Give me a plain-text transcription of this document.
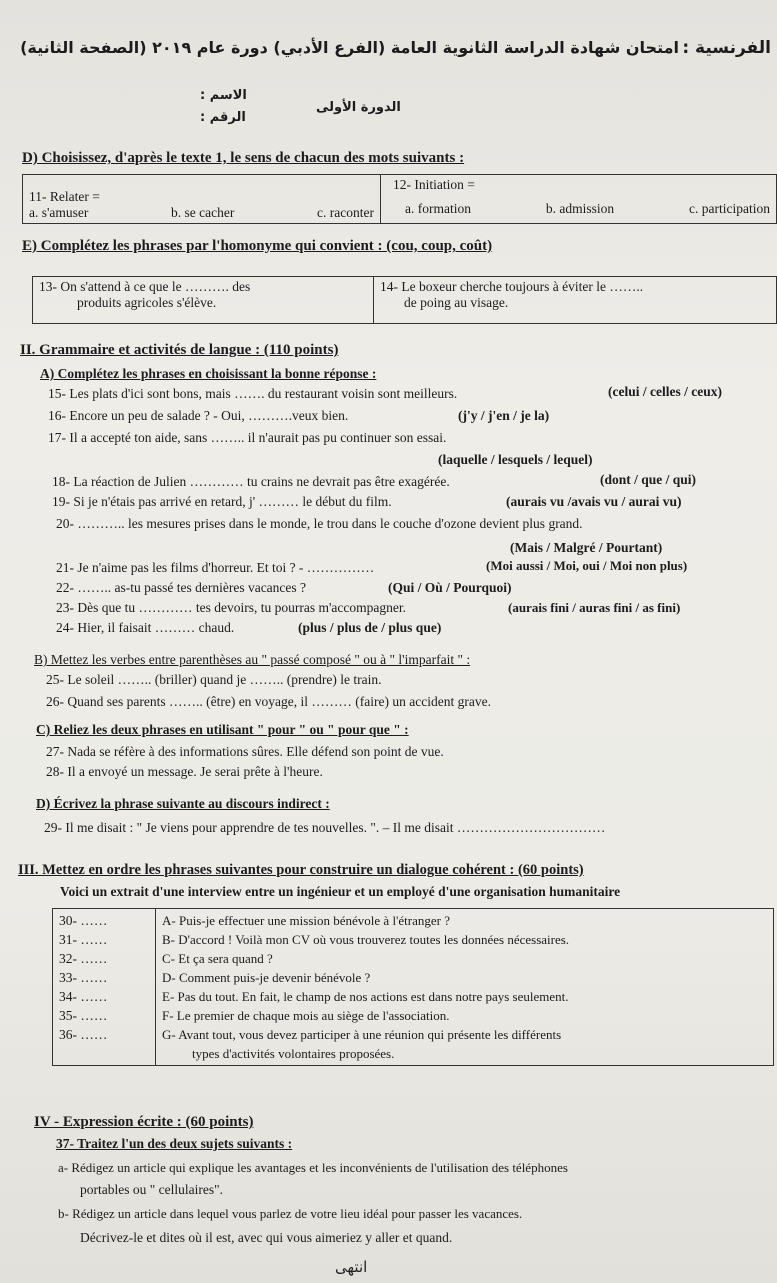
الفرنسية :
امتحان شهادة الدراسة الثانوية العامة (الفرع الأدبي) دورة عام ٢٠١٩ (الصفحة الثانية)
الاسم :
الرقم :
الدورة الأولى
D) Choisissez, d'après le texte 1, le sens de chacun des mots suivants :
11- Relater =
a. s'amuser	b. se cacher	c. raconter

12- Initiation =
a. formation	b. admission	c. participation
E) Complétez les phrases par l'homonyme qui convient : (cou, coup, coût)
13- On s'attend à ce que le ………. des
produits agricoles s'élève.

14- Le boxeur cherche toujours à éviter le ……..
de poing au visage.
II. Grammaire et activités de langue : (110 points)
A) Complétez les phrases en choisissant la bonne réponse :
15- Les plats d'ici sont bons, mais ……. du restaurant voisin sont meilleurs.	(celui / celles / ceux)
16- Encore un peu de salade ? - Oui, ……….veux bien.	(j'y / j'en / je la)
17- Il a accepté ton aide, sans …….. il n'aurait pas pu continuer son essai.
(laquelle / lesquels / lequel)
18- La réaction de Julien ………… tu crains ne devrait pas être exagérée.	(dont / que / qui)
19- Si je n'étais pas arrivé en retard, j' ……… le début du film.	(aurais vu /avais vu / aurai vu)
20- ……….. les mesures prises dans le monde, le trou dans le couche d'ozone devient plus grand.
(Mais / Malgré / Pourtant)
21- Je n'aime pas les films d'horreur. Et toi ? - ……………	(Moi aussi / Moi, oui / Moi non plus)
22- …….. as-tu passé tes dernières vacances ?	(Qui / Où / Pourquoi)
23- Dès que tu ………… tes devoirs, tu pourras m'accompagner.	(aurais fini / auras fini / as fini)
24- Hier, il faisait ……… chaud.	(plus / plus de / plus que)
B) Mettez les verbes entre parenthèses au " passé composé " ou à " l'imparfait " :
25- Le soleil …….. (briller) quand je …….. (prendre) le train.
26- Quand ses parents …….. (être) en voyage, il ……… (faire) un accident grave.
C) Reliez les deux phrases en utilisant " pour " ou " pour que " :
27- Nada se réfère à des informations sûres. Elle défend son point de vue.
28- Il a envoyé un message. Je serai prête à l'heure.
D) Écrivez la phrase suivante au discours indirect :
29- Il me disait : " Je viens pour apprendre de tes nouvelles. ". – Il me disait ……………………………
III. Mettez en ordre les phrases suivantes pour construire un dialogue cohérent : (60 points)
Voici un extrait d'une interview entre un ingénieur et un employé d'une organisation humanitaire
30- ……
31- ……
32- ……
33- ……
34- ……
35- ……
36- ……

A- Puis-je effectuer une mission bénévole à l'étranger ?
B- D'accord ! Voilà mon CV où vous trouverez toutes les données nécessaires.
C- Et ça sera quand ?
D- Comment puis-je devenir bénévole ?
E- Pas du tout. En fait, le champ de nos actions est dans notre pays seulement.
F- Le premier de chaque mois au siège de l'association.
G- Avant tout, vous devez participer à une réunion qui présente les différents
types d'activités volontaires proposées.
IV - Expression écrite : (60 points)
37- Traitez l'un des deux sujets suivants :
a- Rédigez un article qui explique les avantages et les inconvénients de l'utilisation des téléphones
portables ou " cellulaires".
b- Rédigez un article dans lequel vous parlez de votre lieu idéal pour passer les vacances.
Décrivez-le et dites où il est, avec qui vous aimeriez y aller et quand.
انتهى
